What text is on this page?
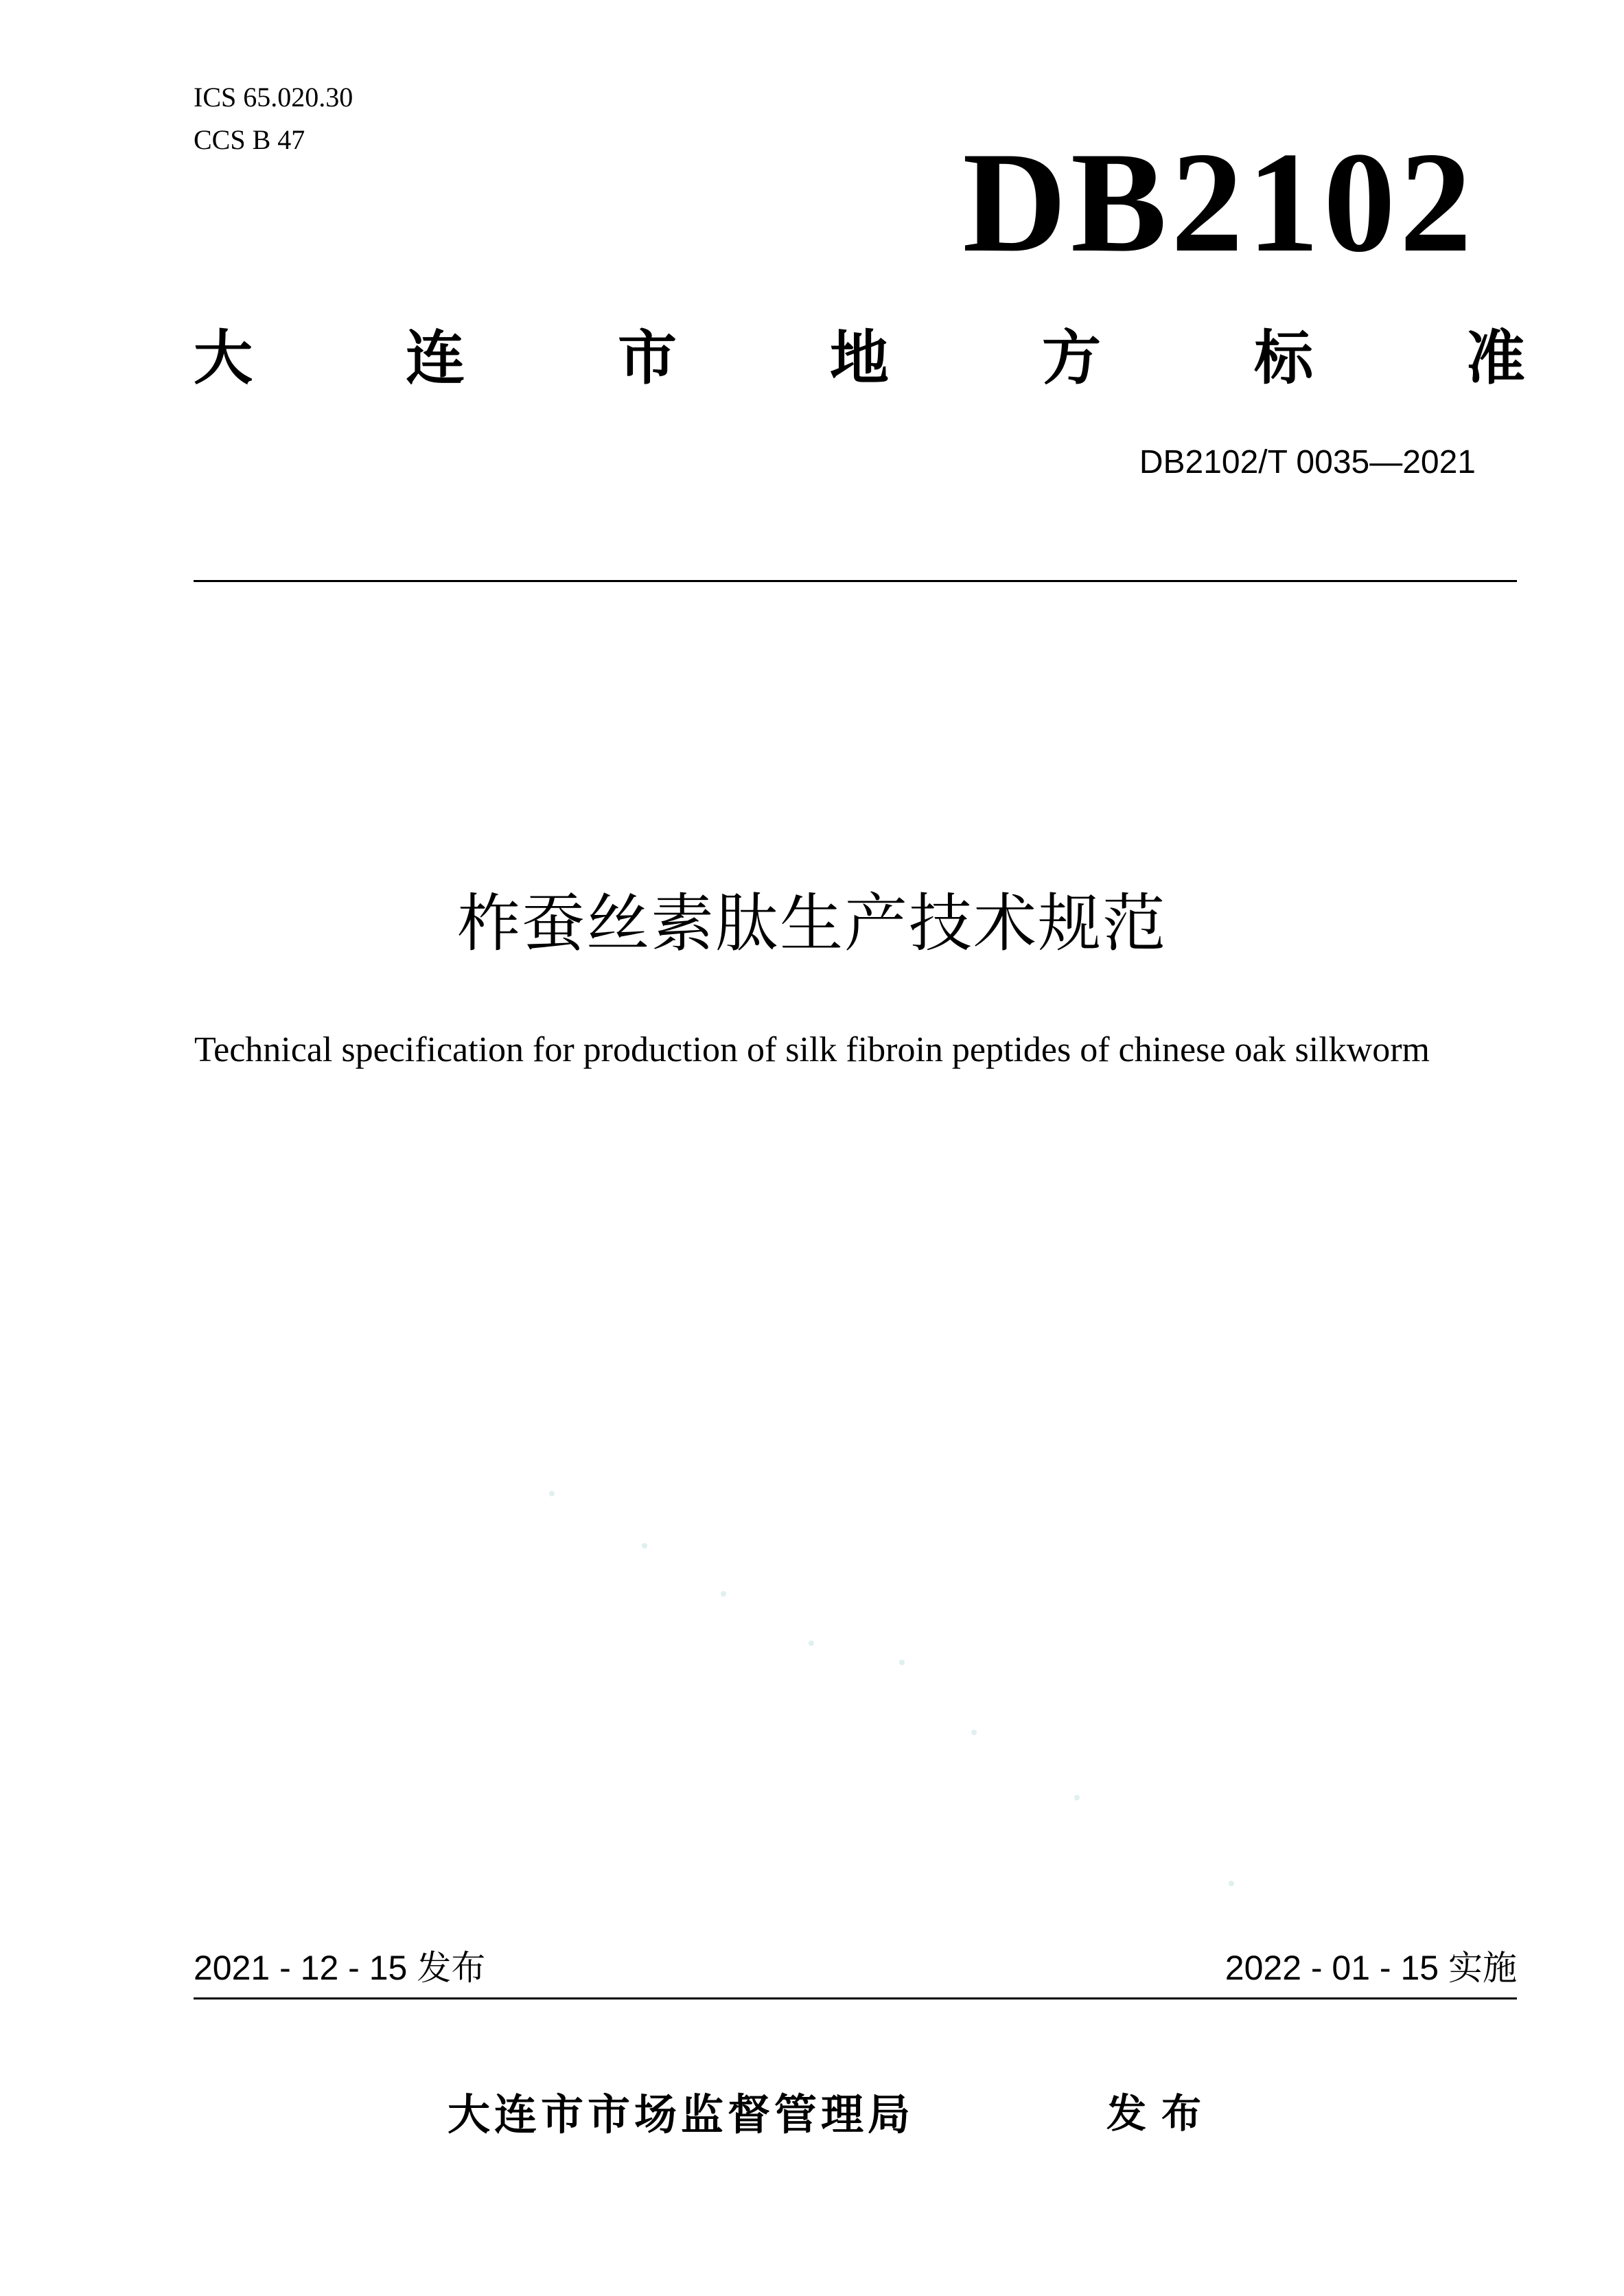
ICS 65.020.30
CCS B 47	DB2102
大	连	市	地	方	标	准
DB2102/T 0035—2021
柞蚕丝素肽生产技术规范
Technical specification for production of silk fibroin peptides of chinese oak silkworm
2021 - 12 - 15 发布	2022 - 01 - 15 实施
大连市市场监督管理局	发布
